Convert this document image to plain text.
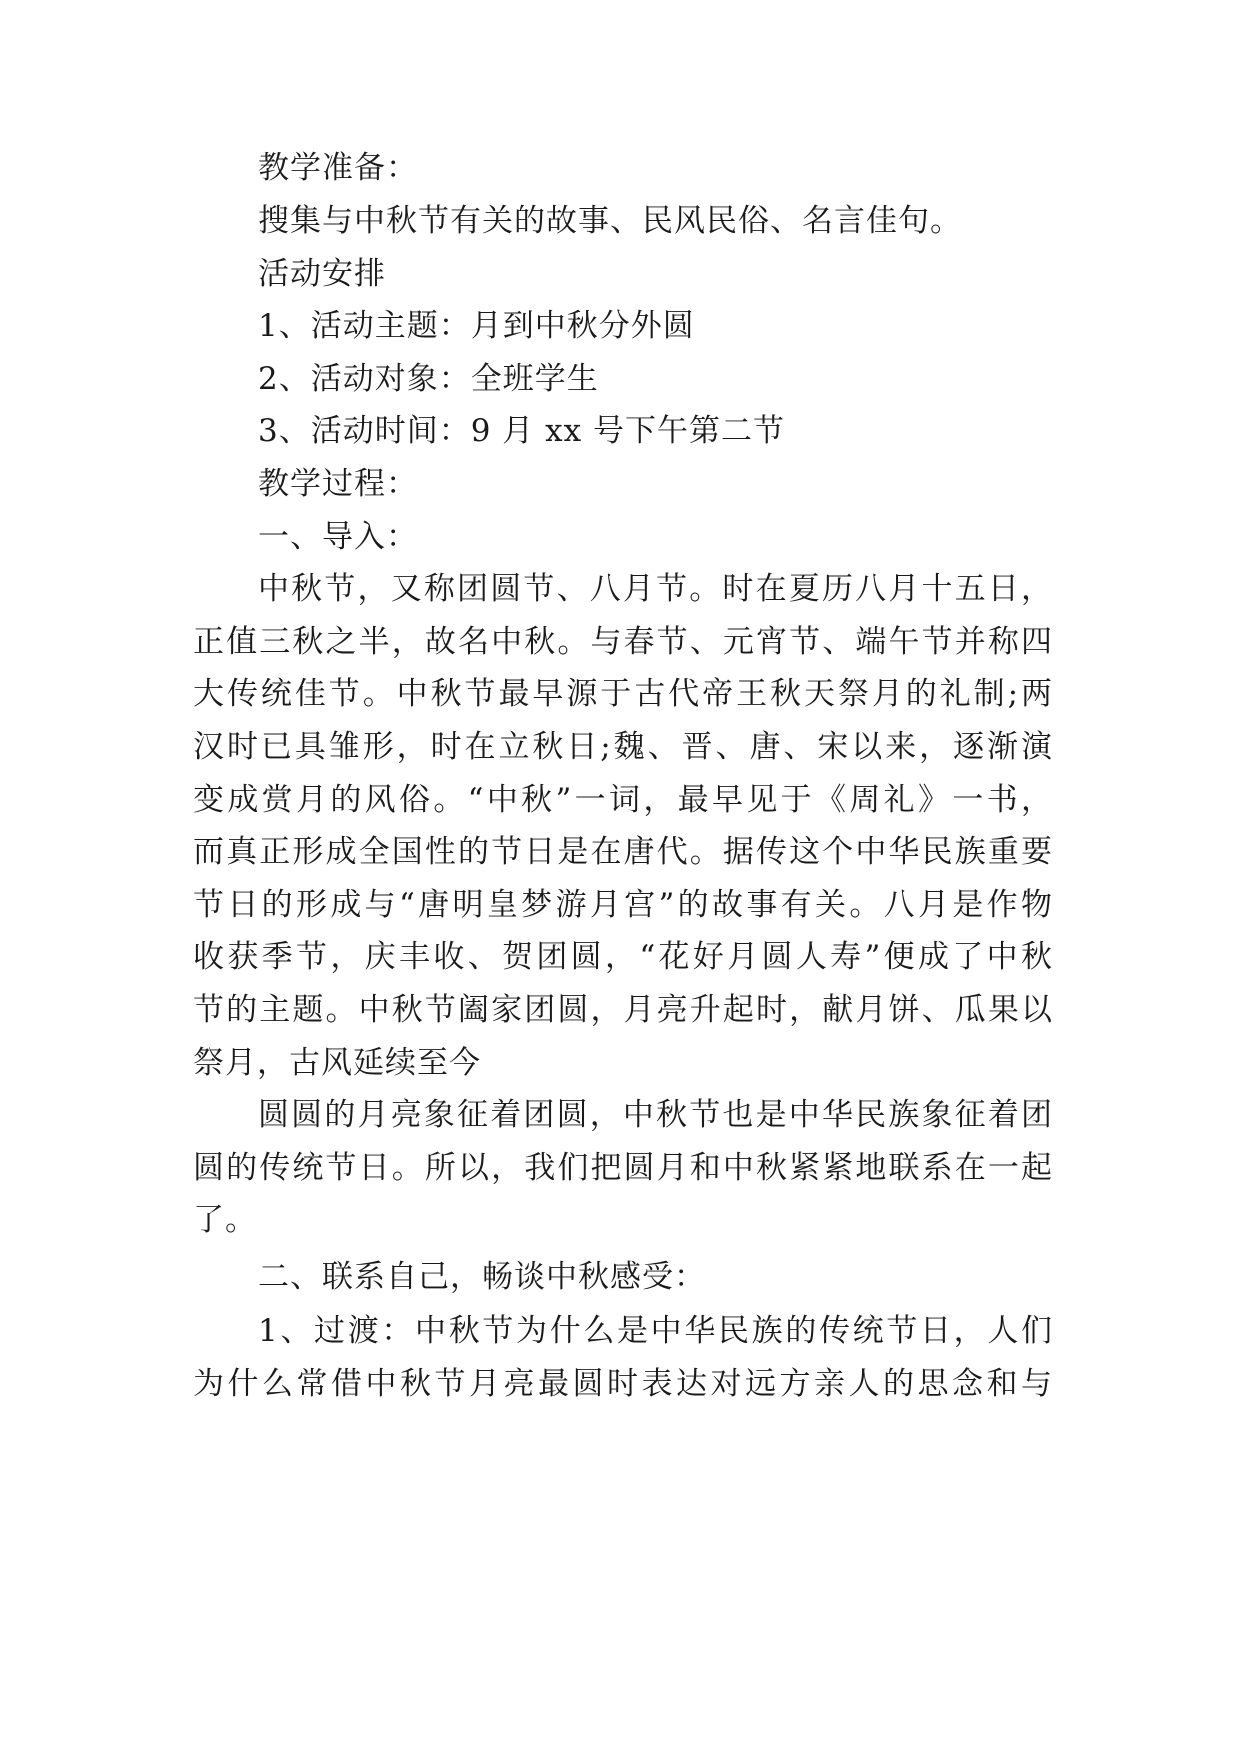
教学准备：
搜集与中秋节有关的故事、民风民俗、名言佳句。
活动安排
1、活动主题：月到中秋分外圆
2、活动对象：全班学生
3、活动时间：9 月 xx 号下午第二节
教学过程：
一、导入：
中秋节，又称团圆节、八月节。时在夏历八月十五日，
正值三秋之半，故名中秋。与春节、元宵节、端午节并称四
大传统佳节。中秋节最早源于古代帝王秋天祭月的礼制;两
汉时已具雏形，时在立秋日;魏、晋、唐、宋以来，逐渐演
变成赏月的风俗。“中秋”一词，最早见于《周礼》一书，
而真正形成全国性的节日是在唐代。据传这个中华民族重要
节日的形成与“唐明皇梦游月宫”的故事有关。八月是作物
收获季节，庆丰收、贺团圆，“花好月圆人寿”便成了中秋
节的主题。中秋节阖家团圆，月亮升起时，献月饼、瓜果以
祭月，古风延续至今
圆圆的月亮象征着团圆，中秋节也是中华民族象征着团
圆的传统节日。所以，我们把圆月和中秋紧紧地联系在一起
了。
二、联系自己，畅谈中秋感受：
1、过渡：中秋节为什么是中华民族的传统节日，人们
为什么常借中秋节月亮最圆时表达对远方亲人的思念和与
